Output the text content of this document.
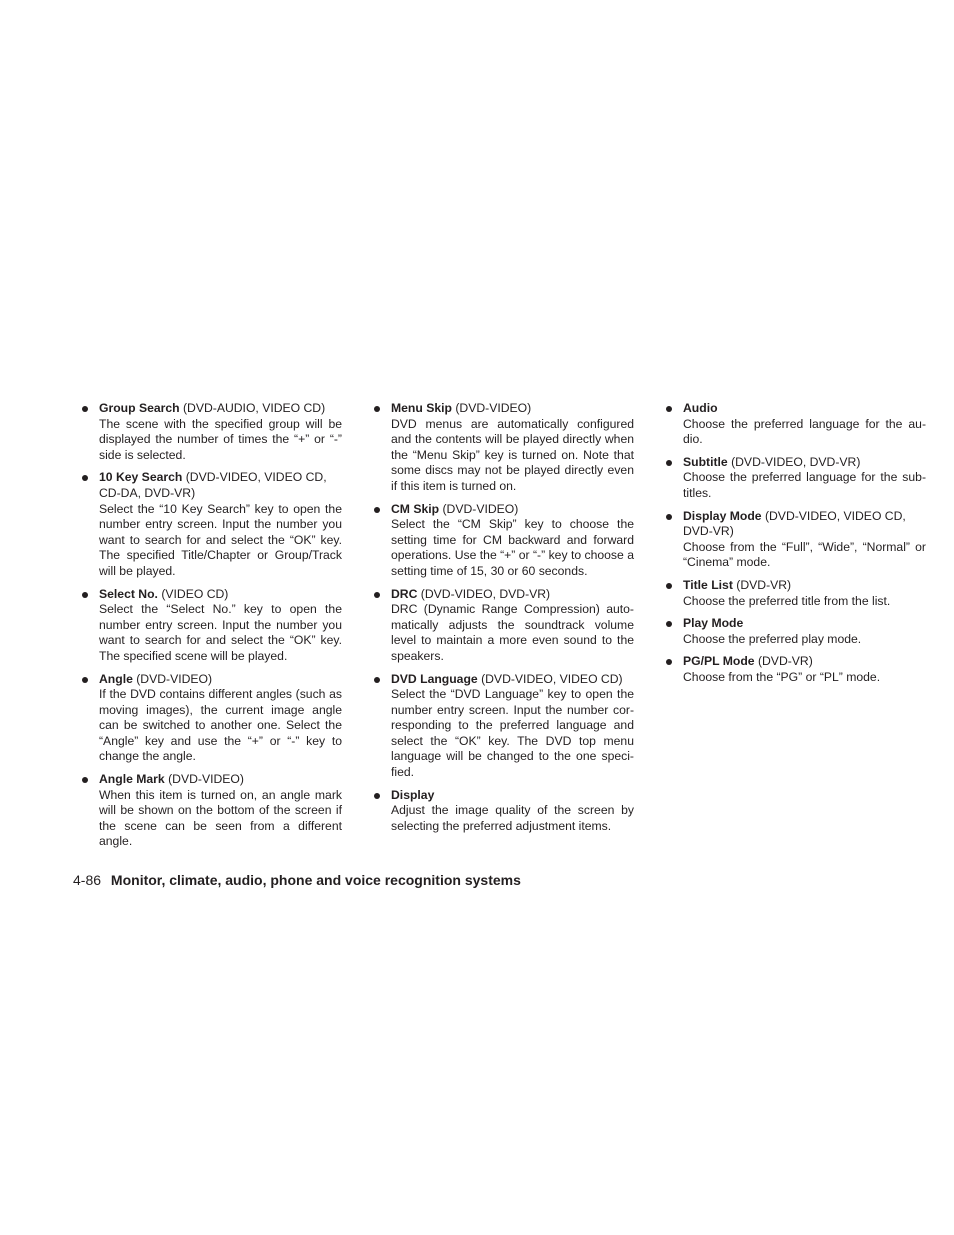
Group Search (DVD-AUDIO, VIDEO CD)

The scene with the specified group will be displayed the number of times the “+” or “-” side is selected.

10 Key Search (DVD-VIDEO, VIDEO CD, CD-DA, DVD-VR)

Select the “10 Key Search” key to open the number entry screen. Input the number you want to search for and select the “OK” key. The specified Title/Chapter or Group/Track will be played.

Select No. (VIDEO CD)

Select the “Select No.” key to open the number entry screen. Input the number you want to search for and select the “OK” key. The specified scene will be played.

Angle (DVD-VIDEO)

If the DVD contains different angles (such as moving images), the current image angle can be switched to another one. Select the “Angle” key and use the “+” or “-” key to change the angle.

Angle Mark (DVD-VIDEO)

When this item is turned on, an angle mark will be shown on the bottom of the screen if the scene can be seen from a different angle.

Menu Skip (DVD-VIDEO)

DVD menus are automatically configured and the contents will be played directly when the “Menu Skip” key is turned on. Note that some discs may not be played directly even if this item is turned on.

CM Skip (DVD-VIDEO)

Select the “CM Skip” key to choose the setting time for CM backward and forward operations. Use the “+” or “-” key to choose a setting time of 15, 30 or 60 seconds.

DRC (DVD-VIDEO, DVD-VR)

DRC (Dynamic Range Compression) auto-matically adjusts the soundtrack volume level to maintain a more even sound to the speakers.

DVD Language (DVD-VIDEO, VIDEO CD)

Select the “DVD Language” key to open the number entry screen. Input the number cor-responding to the preferred language and select the “OK” key. The DVD top menu language will be changed to the one speci-fied.

Display

Adjust the image quality of the screen by selecting the preferred adjustment items.

Audio

Choose the preferred language for the au-dio.

Subtitle (DVD-VIDEO, DVD-VR)

Choose the preferred language for the sub-titles.

Display Mode (DVD-VIDEO, VIDEO CD, DVD-VR)

Choose from the “Full”, “Wide”, “Normal” or “Cinema” mode.

Title List (DVD-VR)

Choose the preferred title from the list.

Play Mode

Choose the preferred play mode.

PG/PL Mode (DVD-VR)

Choose from the “PG” or “PL” mode.

4-86 Monitor, climate, audio, phone and voice recognition systems
